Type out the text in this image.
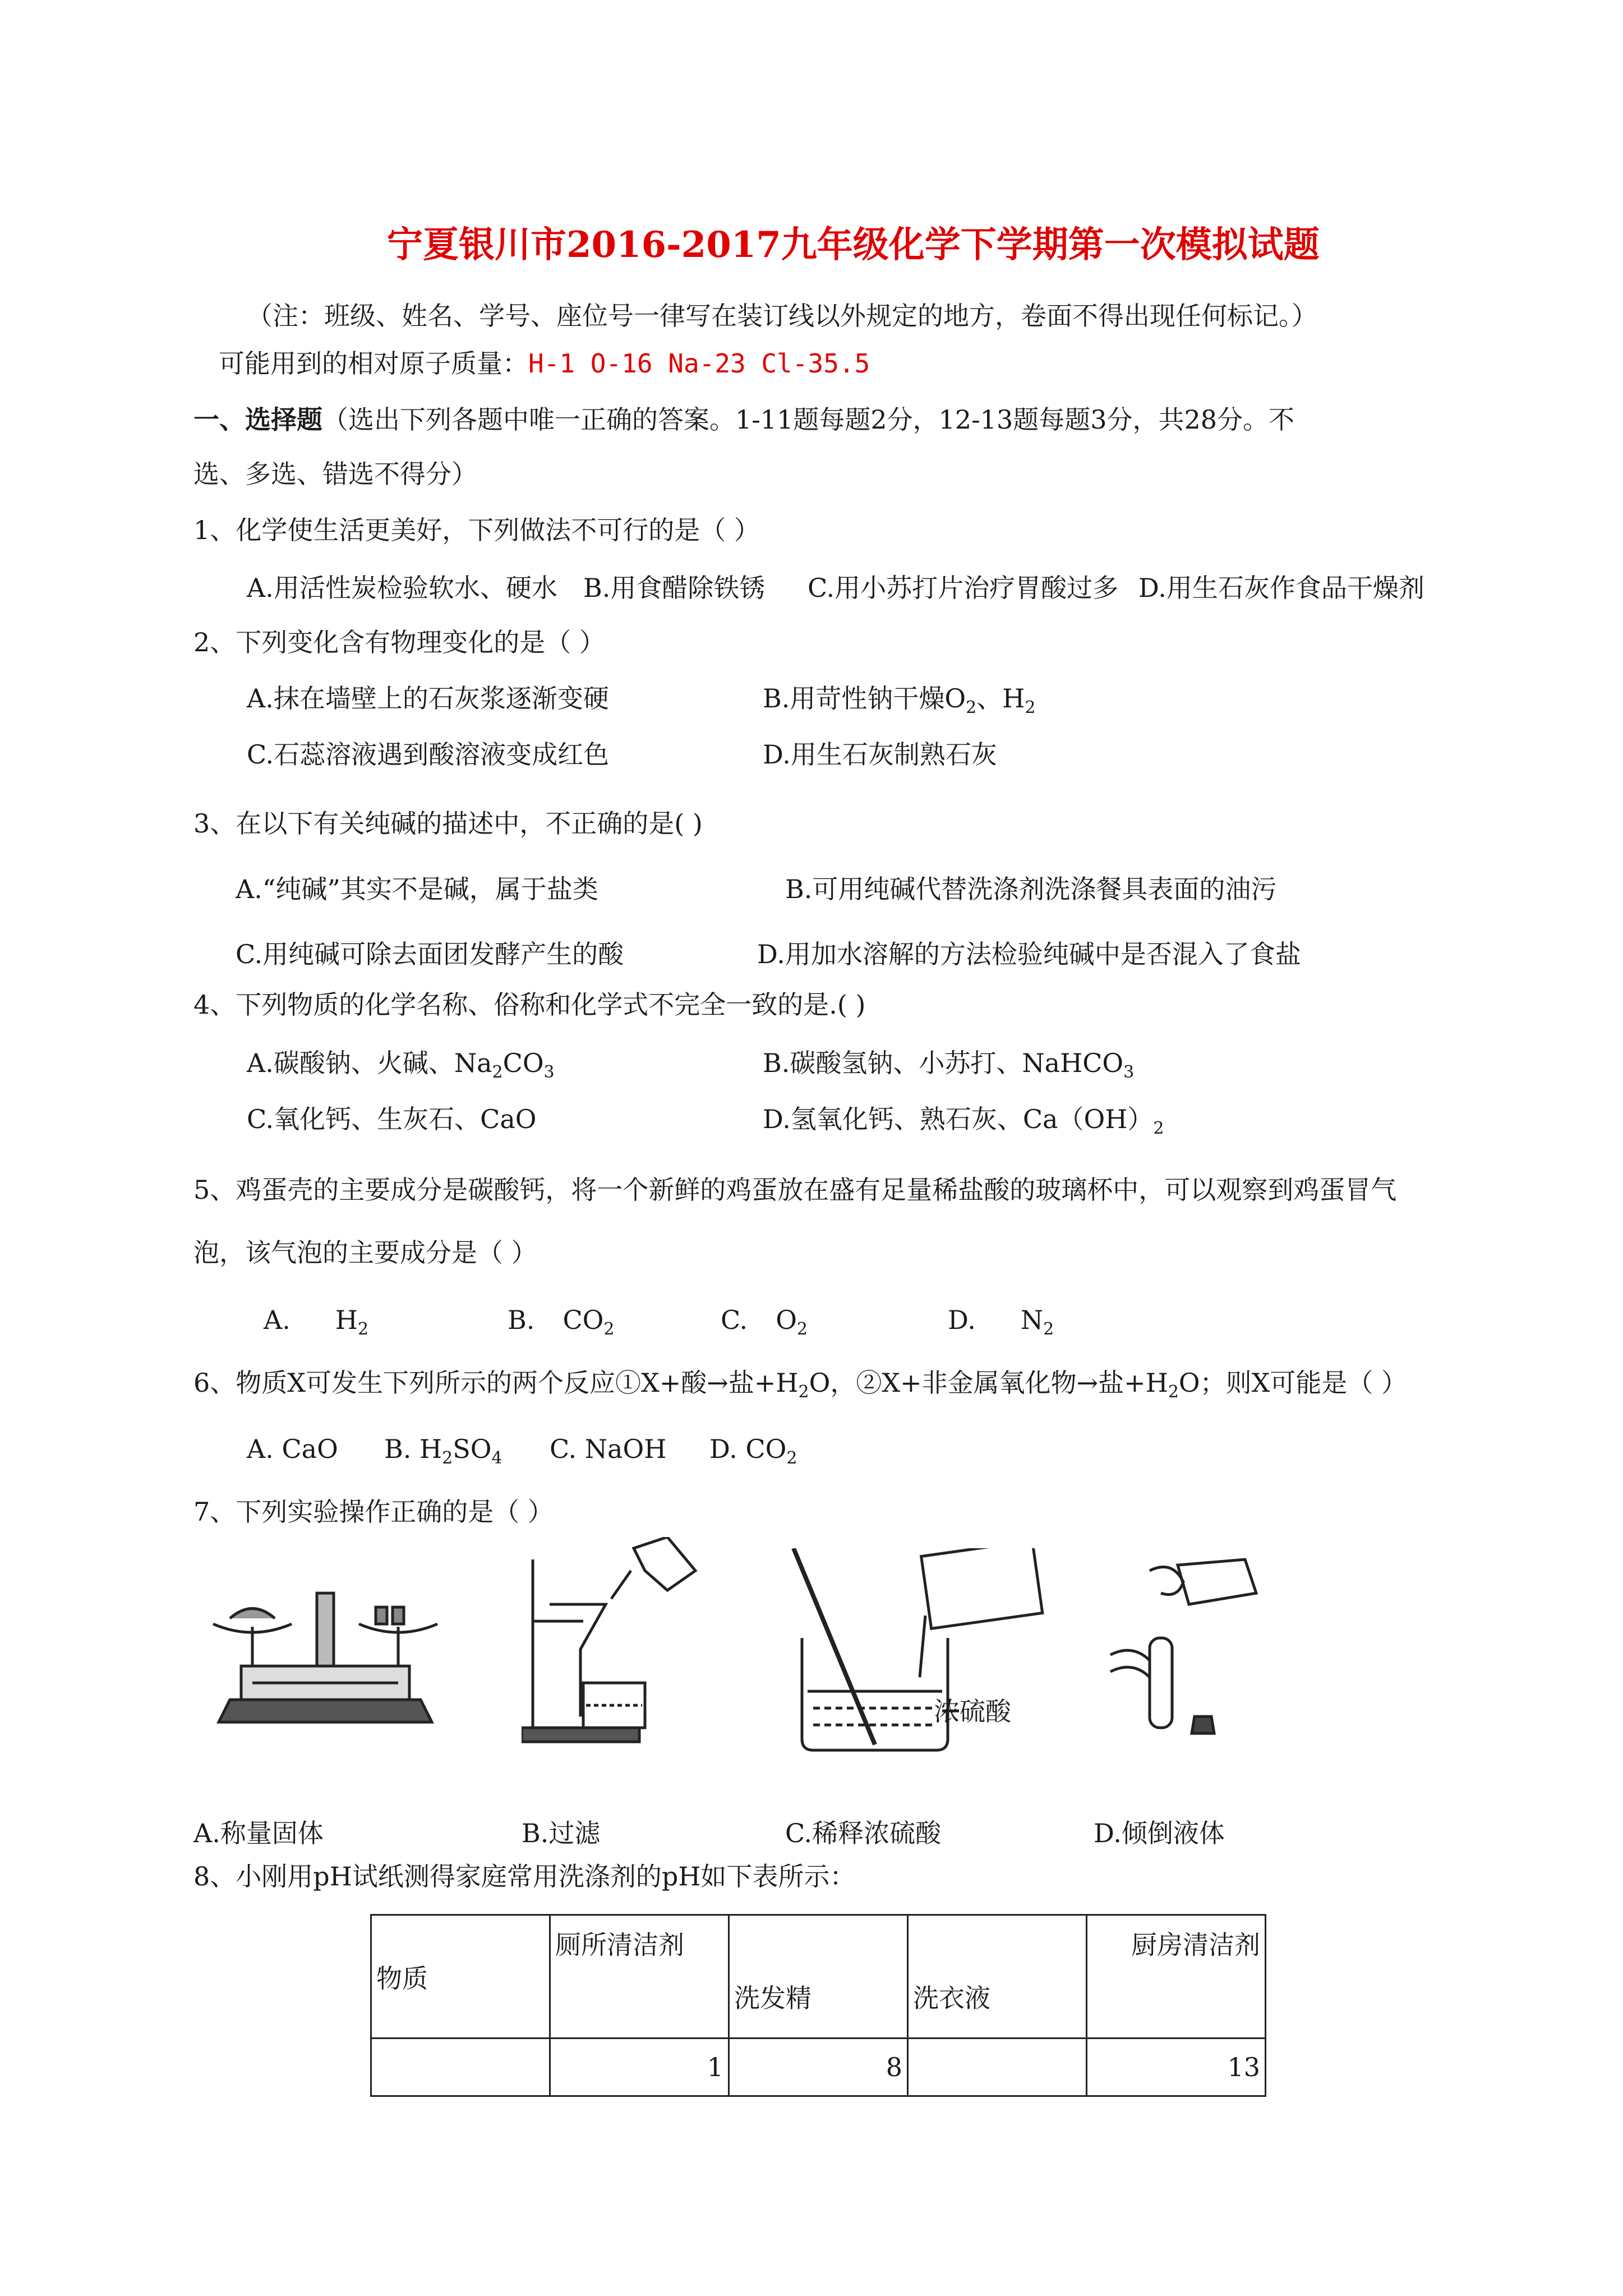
宁夏银川市2016-2017九年级化学下学期第一次模拟试题
（注：班级、姓名、学号、座位号一律写在装订线以外规定的地方，卷面不得出现任何标记。）
可能用到的相对原子质量：H-1 O-16 Na-23 Cl-35.5
一、选择题（选出下列各题中唯一正确的答案。1-11题每题2分，12-13题每题3分，共28分。不
选、多选、错选不得分）
1、化学使生活更美好，下列做法不可行的是（ ）
A.用活性炭检验软水、硬水 B.用食醋除铁锈 C.用小苏打片治疗胃酸过多 D.用生石灰作食品干燥剂
2、下列变化含有物理变化的是（ ）
A.抹在墙壁上的石灰浆逐渐变硬	B.用苛性钠干燥$O_2$、$H_2$
C.石蕊溶液遇到酸溶液变成红色	D.用生石灰制熟石灰
3、在以下有关纯碱的描述中，不正确的是( )
A.“纯碱”其实不是碱，属于盐类	B.可用纯碱代替洗涤剂洗涤餐具表面的油污
C.用纯碱可除去面团发酵产生的酸	D.用加水溶解的方法检验纯碱中是否混入了食盐
4、下列物质的化学名称、俗称和化学式不完全一致的是.( )
A.碳酸钠、火碱、$Na_2CO_3$	B.碳酸氢钠、小苏打、NaHCO$_3$
C.氧化钙、生灰石、CaO	D.氢氧化钙、熟石灰、$Ca(OH)_2$
5、鸡蛋壳的主要成分是碳酸钙，将一个新鲜的鸡蛋放在盛有足量稀盐酸的玻璃杯中，可以观察到鸡蛋冒气
泡，该气泡的主要成分是（ ）
A. $H_2$	B. $CO_2$	C. $O_2$	D. $N_2$
6、物质X可发生下列所示的两个反应①X+酸→盐$+H_2O$，②X+非金属氧化物→盐$+H_2O$；则X可能是（ ）
A. CaO B. $H_2SO_4$ C. NaOH D. $CO_2$
7、下列实验操作正确的是（ ）
浓硫酸
A.称量固体	B.过滤	C.稀释浓硫酸	D.倾倒液体
8、小刚用pH试纸测得家庭常用洗涤剂的pH如下表所示：
物质	厕所清洁剂	洗发精	洗衣液	厨房清洁剂
	1	8		13
